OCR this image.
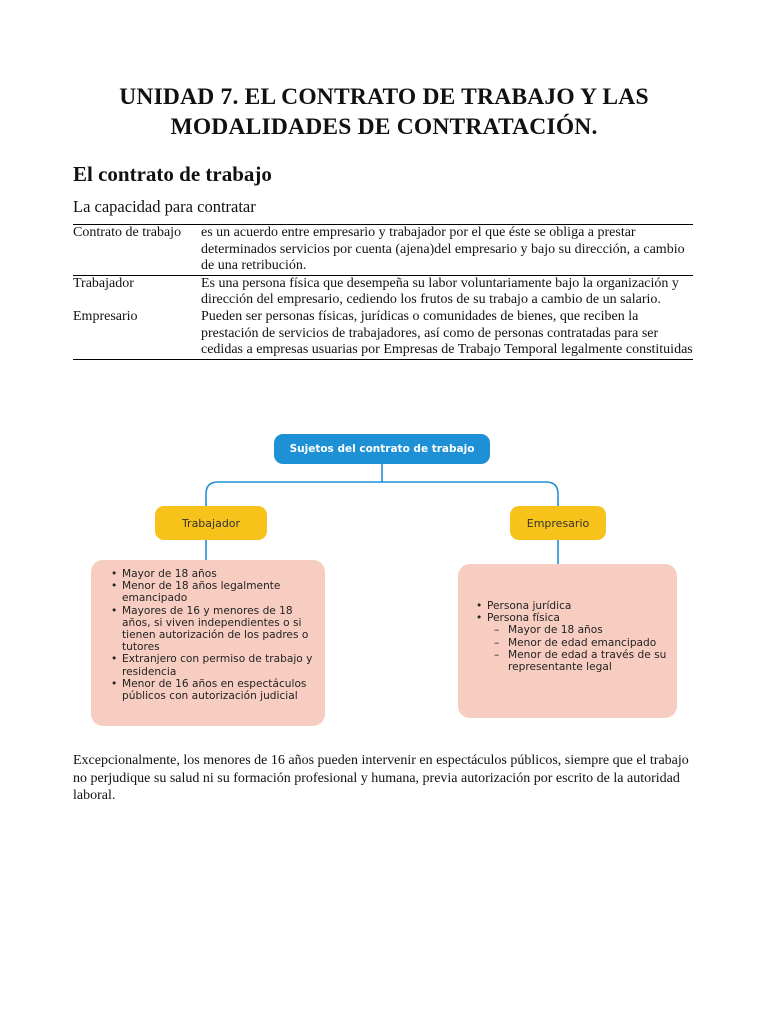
UNIDAD 7. EL CONTRATO DE TRABAJO Y LAS
MODALIDADES DE CONTRATACIÓN.
El contrato de trabajo
La capacidad para contratar
Contrato de trabajo	es un acuerdo entre empresario y trabajador por el que éste se obliga a prestar determinados servicios por cuenta (ajena)del empresario y bajo su dirección, a cambio de una retribución.
Trabajador	Es una persona física que desempeña su labor voluntariamente bajo la organización y dirección del empresario, cediendo los frutos de su trabajo a cambio de un salario.
Empresario	Pueden ser personas físicas, jurídicas o comunidades de bienes, que reciben la prestación de servicios de trabajadores, así como de personas contratadas para ser cedidas a empresas usuarias por Empresas de Trabajo Temporal legalmente constituidas
Sujetos del contrato de trabajo
Trabajador	Empresario
• Mayor de 18 años
• Menor de 18 años legalmente emancipado
• Mayores de 16 y menores de 18 años, si viven independientes o si tienen autorización de los padres o tutores
• Extranjero con permiso de trabajo y residencia
• Menor de 16 años en espectáculos públicos con autorización judicial
• Persona jurídica
• Persona física
– Mayor de 18 años
– Menor de edad emancipado
– Menor de edad a través de su representante legal

Excepcionalmente, los menores de 16 años pueden intervenir en espectáculos públicos, siempre que el trabajo no perjudique su salud ni su formación profesional y humana, previa autorización por escrito de la autoridad laboral.
